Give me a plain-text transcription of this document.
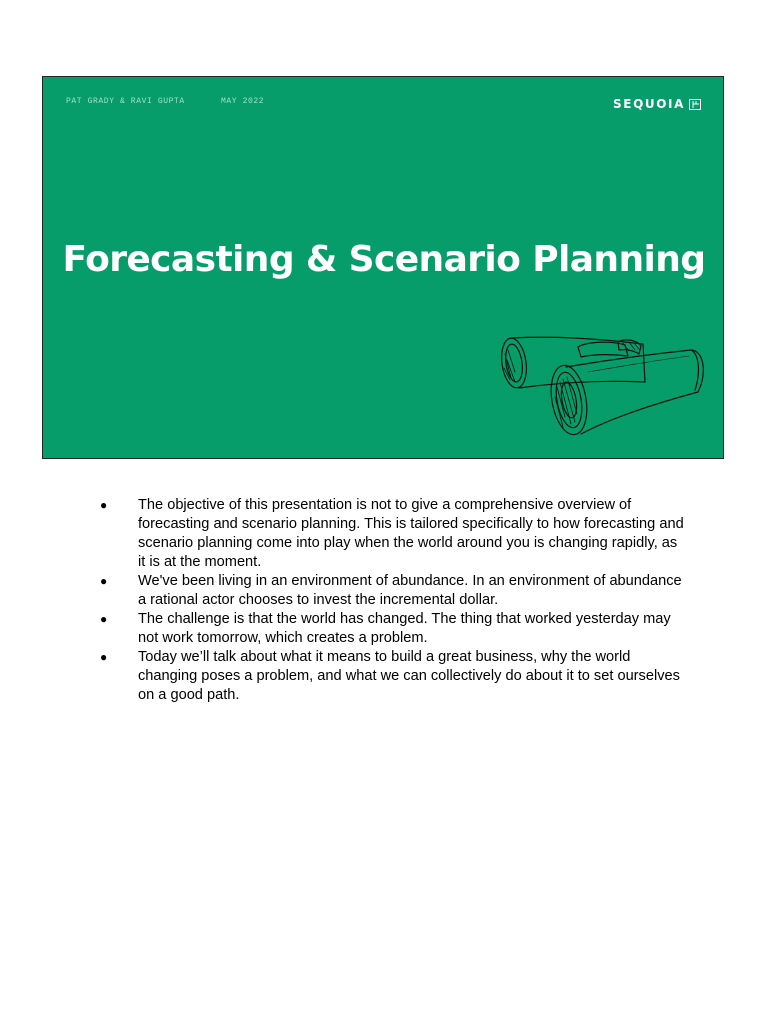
PAT GRADY & RAVI GUPTA	MAY 2022	SEQUOIA
Forecasting & Scenario Planning
● The objective of this presentation is not to give a comprehensive overview of forecasting and scenario planning. This is tailored specifically to how forecasting and scenario planning come into play when the world around you is changing rapidly, as it is at the moment.
● We've been living in an environment of abundance. In an environment of abundance a rational actor chooses to invest the incremental dollar.
● The challenge is that the world has changed. The thing that worked yesterday may not work tomorrow, which creates a problem.
● Today we’ll talk about what it means to build a great business, why the world changing poses a problem, and what we can collectively do about it to set ourselves on a good path.
